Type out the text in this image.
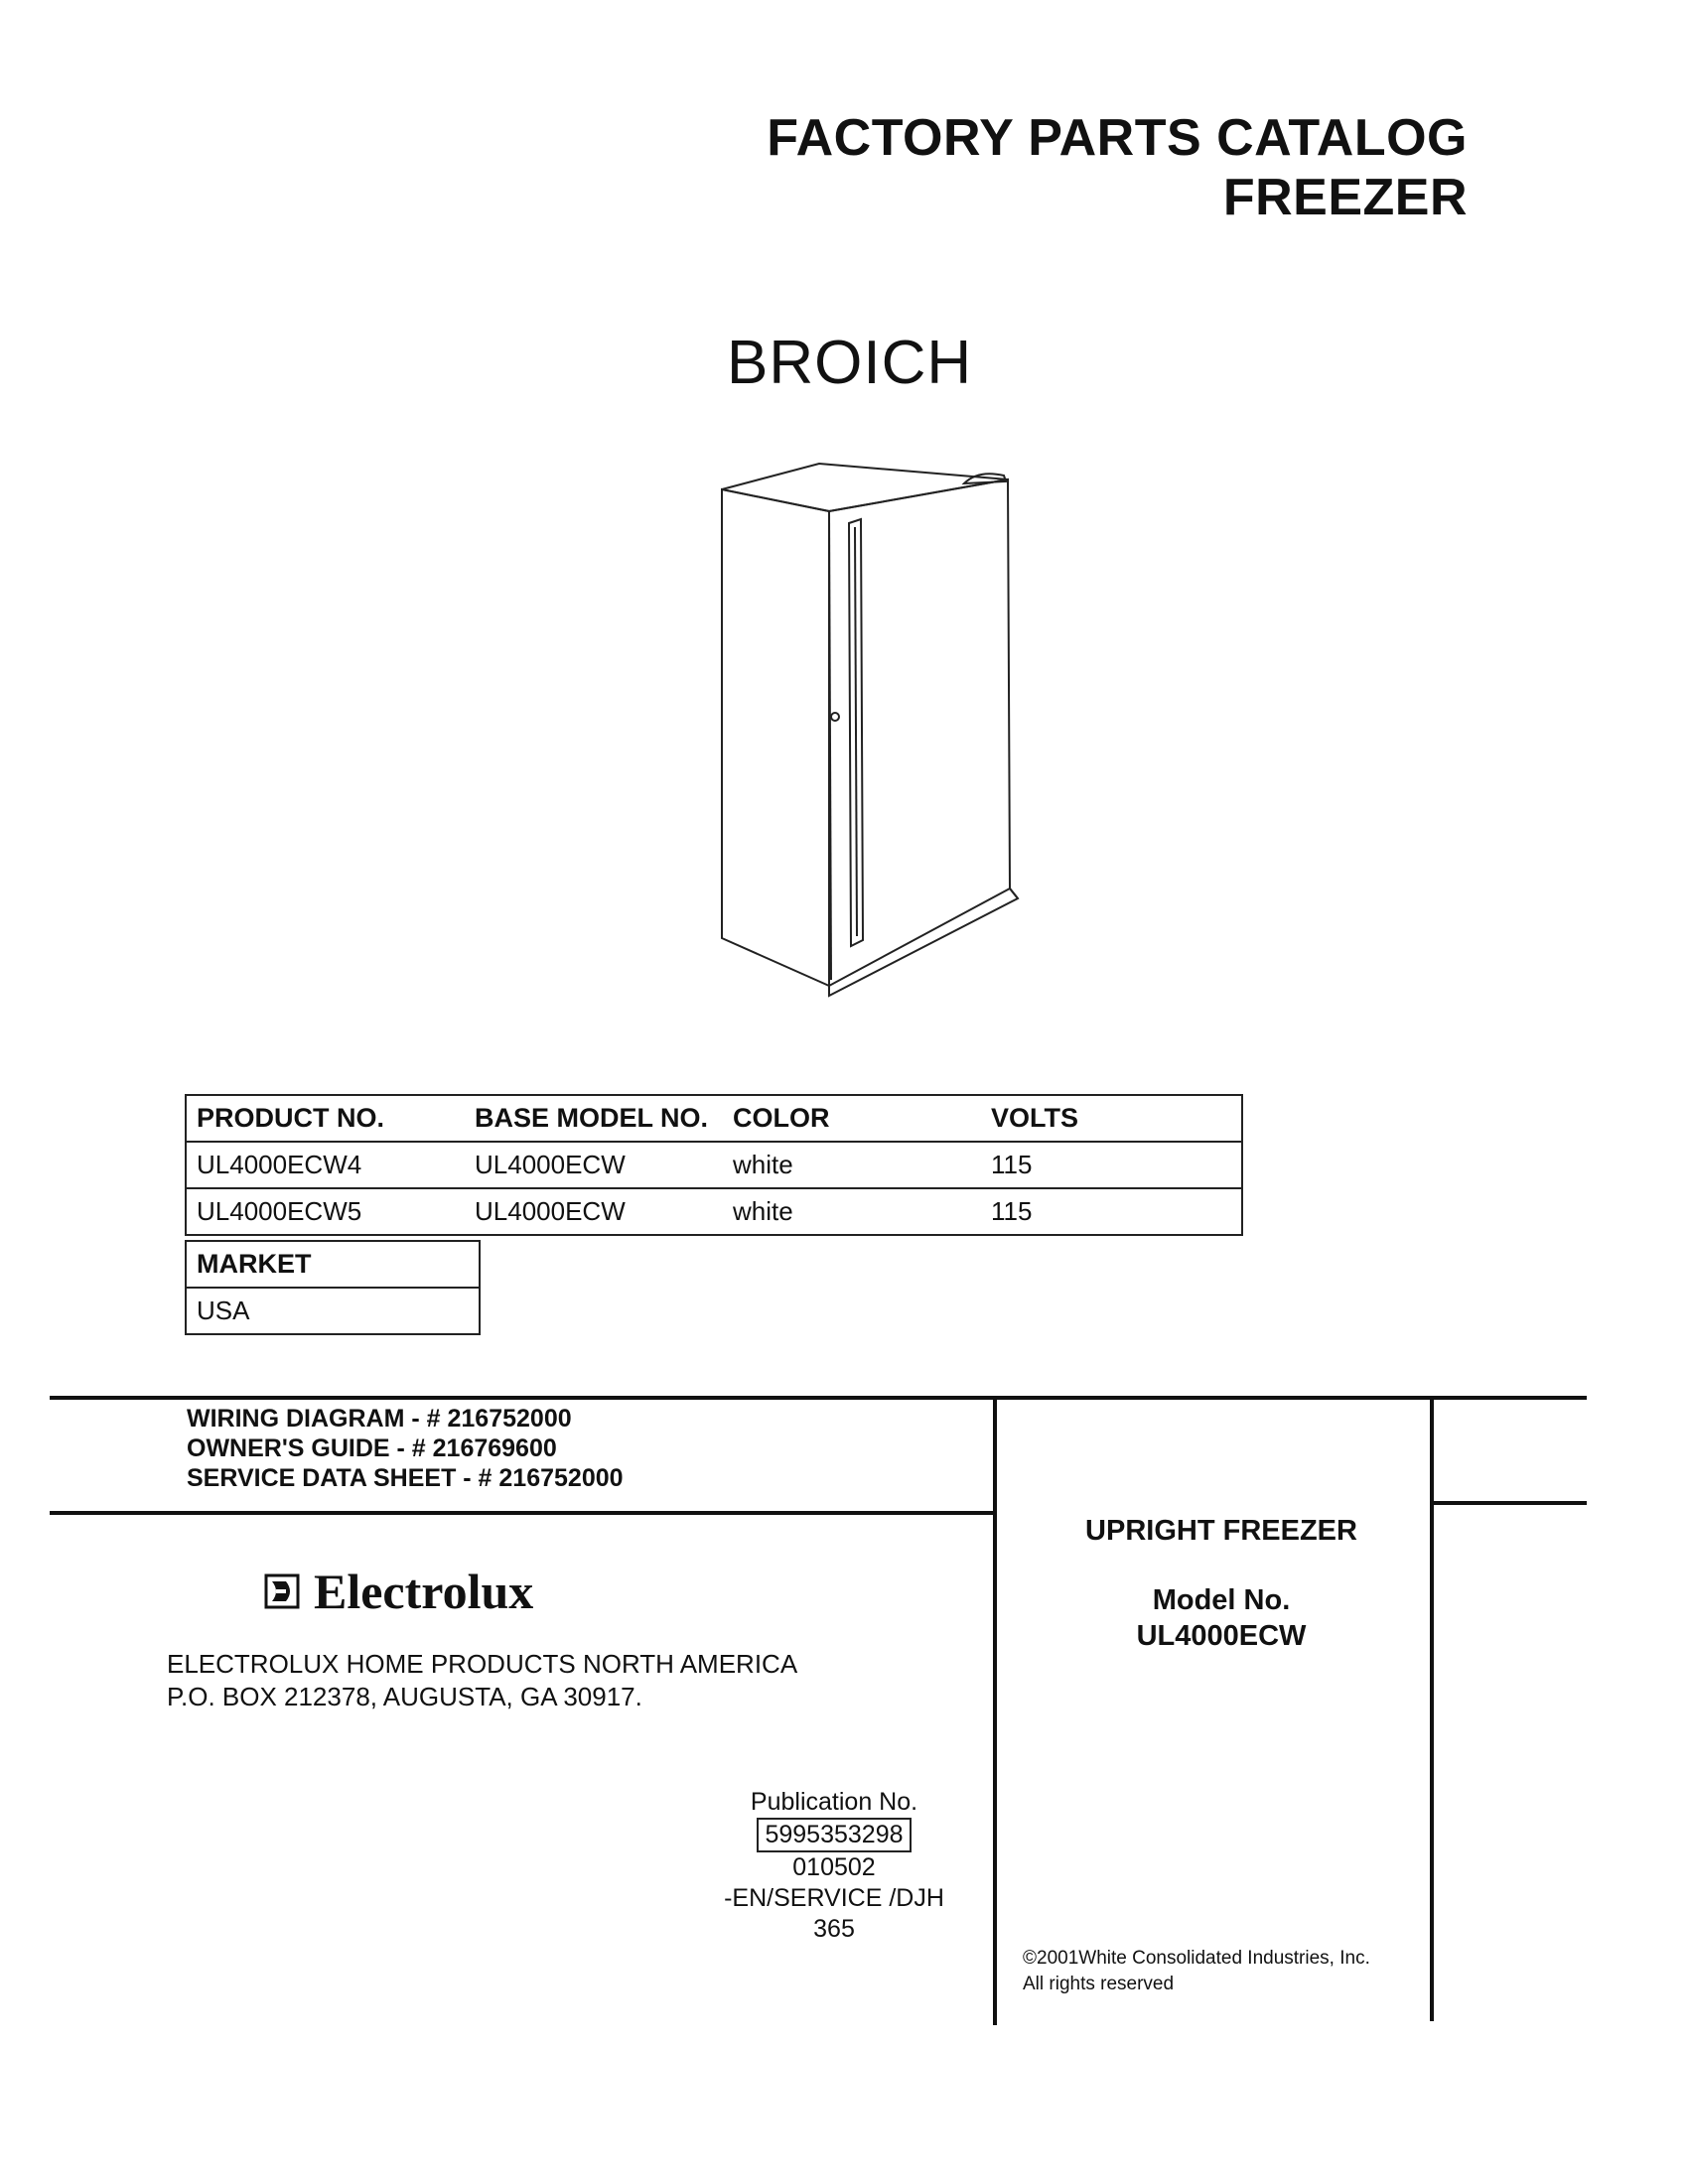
FACTORY PARTS CATALOG
FREEZER
BROICH
PRODUCT NO.	BASE MODEL NO.	COLOR	VOLTS
UL4000ECW4	UL4000ECW	white	115
UL4000ECW5	UL4000ECW	white	115
MARKET
USA
WIRING DIAGRAM - # 216752000
OWNER'S GUIDE - # 216769600
SERVICE DATA SHEET - # 216752000
Electrolux
ELECTROLUX HOME PRODUCTS NORTH AMERICA
P.O. BOX 212378, AUGUSTA, GA 30917.
Publication No.
5995353298
010502
-EN/SERVICE /DJH
365
UPRIGHT FREEZER
Model No.
UL4000ECW
©2001White Consolidated Industries, Inc.
All rights reserved
